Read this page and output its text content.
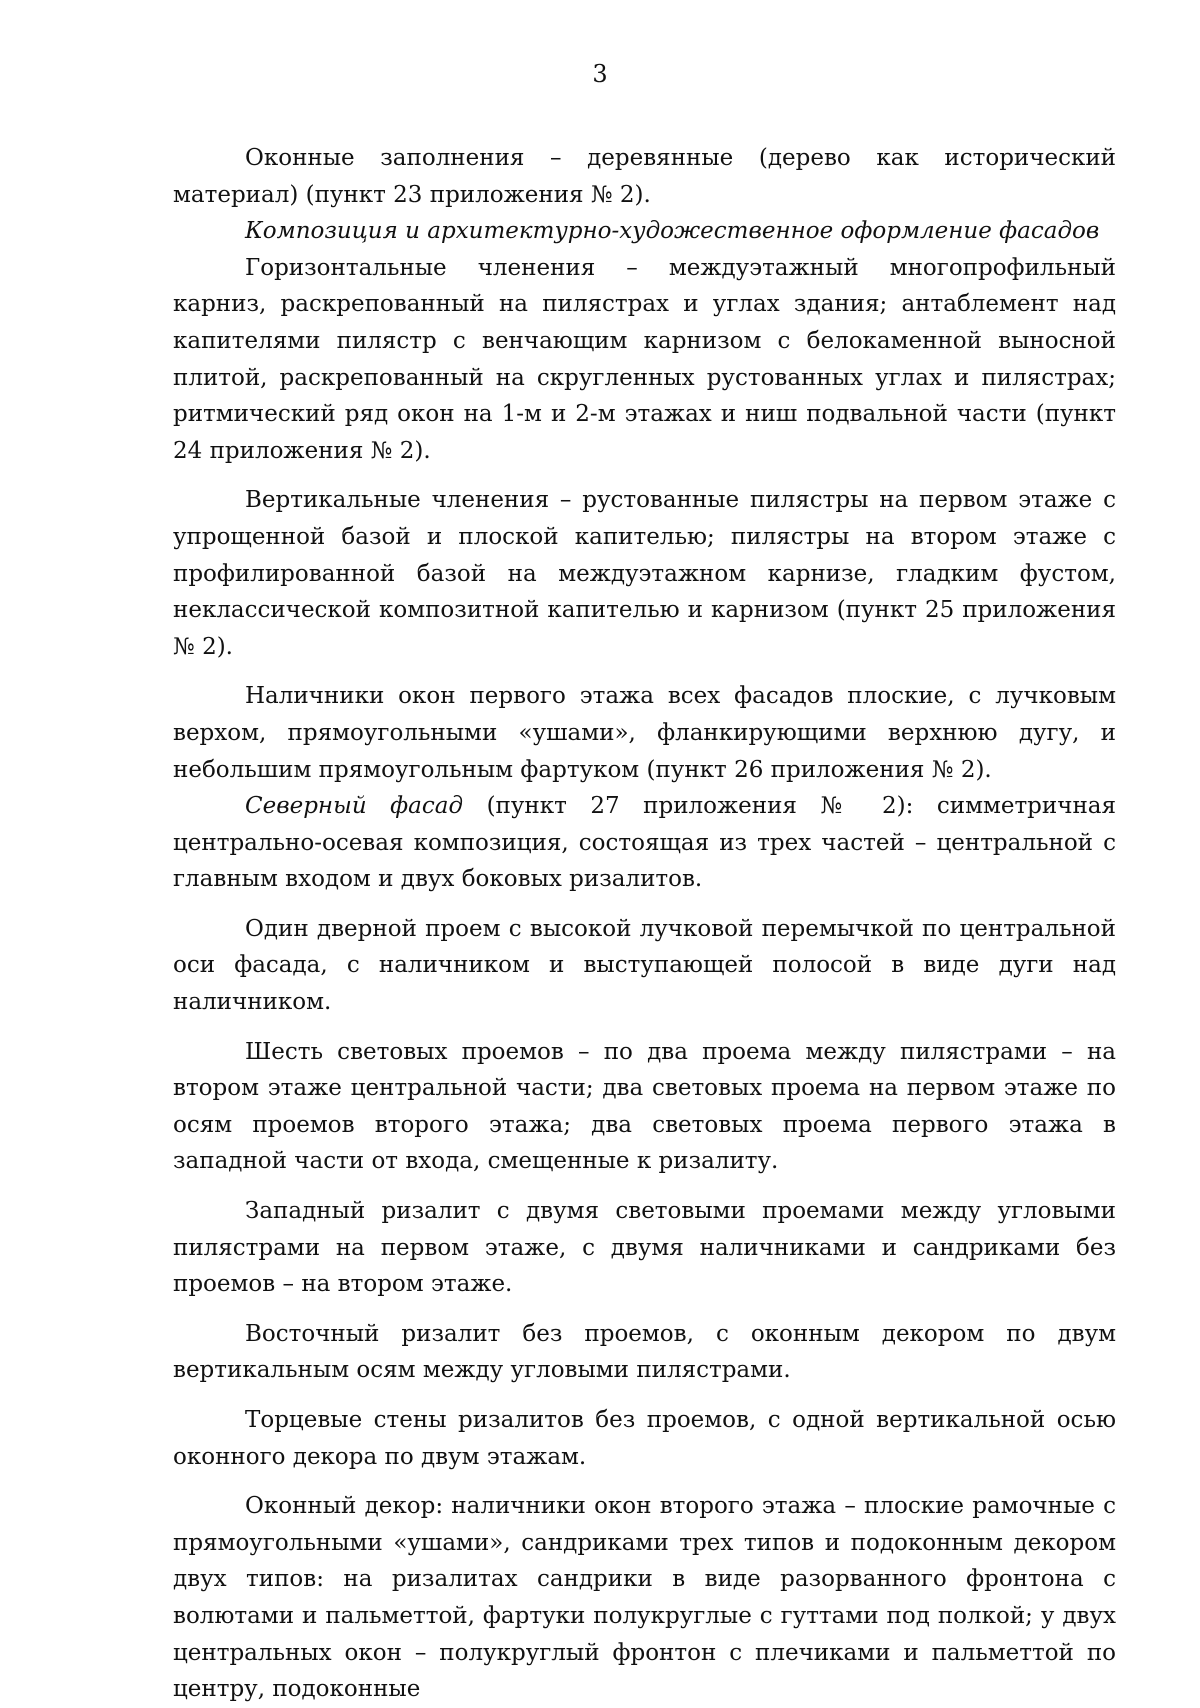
3

Оконные заполнения – деревянные (дерево как исторический материал) (пункт 23 приложения № 2).

Композиция и архитектурно-художественное оформление фасадов

Горизонтальные членения – междуэтажный многопрофильный карниз, раскрепованный на пилястрах и углах здания; антаблемент над капителями пилястр с венчающим карнизом с белокаменной выносной плитой, раскрепованный на скругленных рустованных углах и пилястрах; ритмический ряд окон на 1-м и 2-м этажах и ниш подвальной части (пункт 24 приложения № 2).

Вертикальные членения – рустованные пилястры на первом этаже с упрощенной базой и плоской капителью; пилястры на втором этаже с профилированной базой на междуэтажном карнизе, гладким фустом, неклассической композитной капителью и карнизом (пункт 25 приложения № 2).

Наличники окон первого этажа всех фасадов плоские, с лучковым верхом, прямоугольными «ушами», фланкирующими верхнюю дугу, и небольшим прямоугольным фартуком (пункт 26 приложения № 2).

Северный фасад (пункт 27 приложения № 2): симметричная центрально-осевая композиция, состоящая из трех частей – центральной с главным входом и двух боковых ризалитов.

Один дверной проем с высокой лучковой перемычкой по центральной оси фасада, с наличником и выступающей полосой в виде дуги над наличником.

Шесть световых проемов – по два проема между пилястрами – на втором этаже центральной части; два световых проема на первом этаже по осям проемов второго этажа; два световых проема первого этажа в западной части от входа, смещенные к ризалиту.

Западный ризалит с двумя световыми проемами между угловыми пилястрами на первом этаже, с двумя наличниками и сандриками без проемов – на втором этаже.

Восточный ризалит без проемов, с оконным декором по двум вертикальным осям между угловыми пилястрами.

Торцевые стены ризалитов без проемов, с одной вертикальной осью оконного декора по двум этажам.

Оконный декор: наличники окон второго этажа – плоские рамочные с прямоугольными «ушами», сандриками трех типов и подоконным декором двух типов: на ризалитах сандрики в виде разорванного фронтона с волютами и пальметтой, фартуки полукруглые с гуттами под полкой; у двух центральных окон – полукруглый фронтон с плечиками и пальметтой по центру, подоконные
